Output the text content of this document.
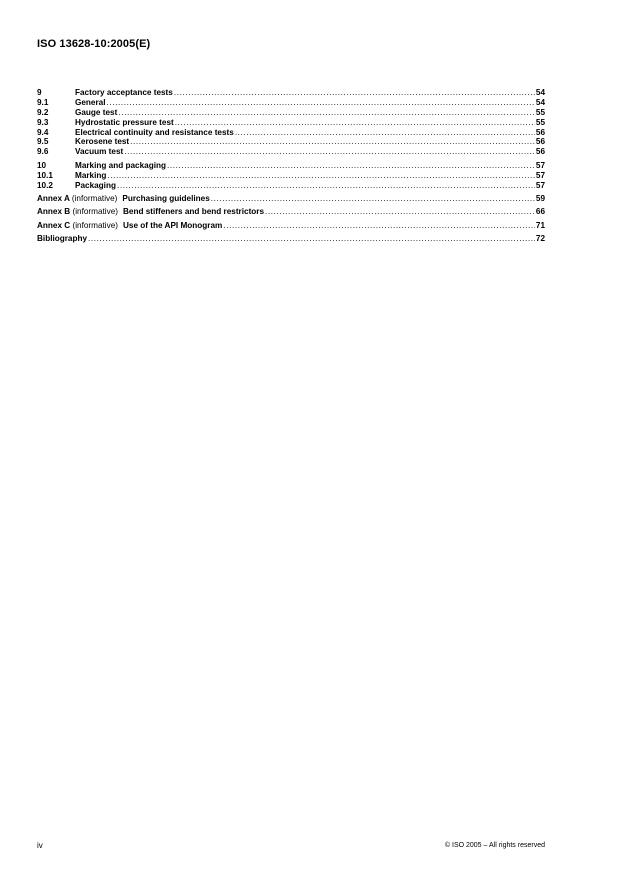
ISO 13628-10:2005(E)
9	Factory acceptance tests .....	54
9.1	General .....	54
9.2	Gauge test .....	55
9.3	Hydrostatic pressure test .....	55
9.4	Electrical continuity and resistance tests .....	56
9.5	Kerosene test .....	56
9.6	Vacuum test .....	56
10	Marking and packaging .....	57
10.1	Marking .....	57
10.2	Packaging .....	57
Annex A (informative) Purchasing guidelines .....	59
Annex B (informative) Bend stiffeners and bend restrictors .....	66
Annex C (informative) Use of the API Monogram .....	71
Bibliography .....	72
iv	© ISO 2005 – All rights reserved
